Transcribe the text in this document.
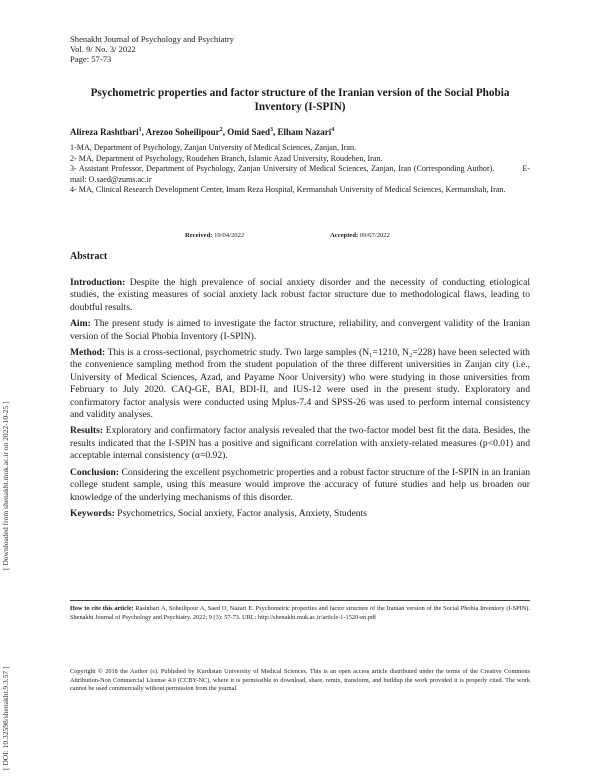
[ Downloaded from shenakht.muk.ac.ir on 2022-10-25 ]
[ DOI: 10.32598/shenakht.9.3.57 ]
Shenakht Journal of Psychology and Psychiatry
Vol. 9/ No. 3/ 2022
Page: 57-73
Psychometric properties and factor structure of the Iranian version of the Social Phobia Inventory (I-SPIN)
Alireza Rashtbari$^1$, Arezoo Soheilipour$^2$, Omid Saed$^3$, Elham Nazari$^4$

1-MA, Department of Psychology, Zanjan University of Medical Sciences, Zanjan, Iran.

2- MA, Department of Psychology, Roudehen Branch, Islamic Azad University, Roudehen, Iran.

3- Assistant Professor, Department of Psychology, Zanjan University of Medical Sciences, Zanjan, Iran (Corresponding Author).	E-mail: O.saed@zums.ac.ir

4- MA, Clinical Research Development Center, Imam Reza Hospital, Kermanshah University of Medical Sciences, Kermanshah, Iran.

Received: 19/04/2022	Accepted: 09/07/2022
Abstract

Introduction: Despite the high prevalence of social anxiety disorder and the necessity of conducting etiological studies, the existing measures of social anxiety lack robust factor structure due to methodological flaws, leading to doubtful results.

Aim: The present study is aimed to investigate the factor structure, reliability, and convergent validity of the Iranian version of the Social Phobia Inventory (I-SPIN).

Method: This is a cross-sectional, psychometric study. Two large samples (N₁=1210, N₂=228) have been selected with the convenience sampling method from the student population of the three different universities in Zanjan city (i.e., University of Medical Sciences, Azad, and Payame Noor University) who were studying in those universities from February to July 2020. CAQ-GE, BAI, BDI-II, and IUS-12 were used in the present study. Exploratory and confirmatory factor analysis were conducted using Mplus-7.4 and SPSS-26 was used to perform internal consistency and validity analyses.

Results: Exploratory and confirmatory factor analysis revealed that the two-factor model best fit the data. Besides, the results indicated that the I-SPIN has a positive and significant correlation with anxiety-related measures (p<0.01) and acceptable internal consistency (α=0.92).

Conclusion: Considering the excellent psychometric properties and a robust factor structure of the I-SPIN in an Iranian college student sample, using this measure would improve the accuracy of future studies and help us broaden our knowledge of the underlying mechanisms of this disorder.

Keywords: Psychometrics, Social anxiety, Factor analysis, Anxiety, Students

How to cite this article: Rashtbari A, Soheilipour A, Saed O, Nazari E. Psychometric properties and factor structure of the Iranian version of the Social Phobia Inventory (I-SPIN). Shenakht Journal of Psychology and Psychiatry. 2022; 9 (3): 57-73. URL: http://shenakht.muk.ac.ir/article-1-1520-en.pdf
Copyright © 2018 the Author (s). Published by Kurdistan University of Medical Sciences. This is an open access article distributed under the terms of the Creative Commons Attribution-Non Commercial License 4.0 (CCBY-NC), where it is permissible to download, share, remix, transform, and buildup the work provided it is properly cited. The work cannot be used commercially without permission from the journal.
